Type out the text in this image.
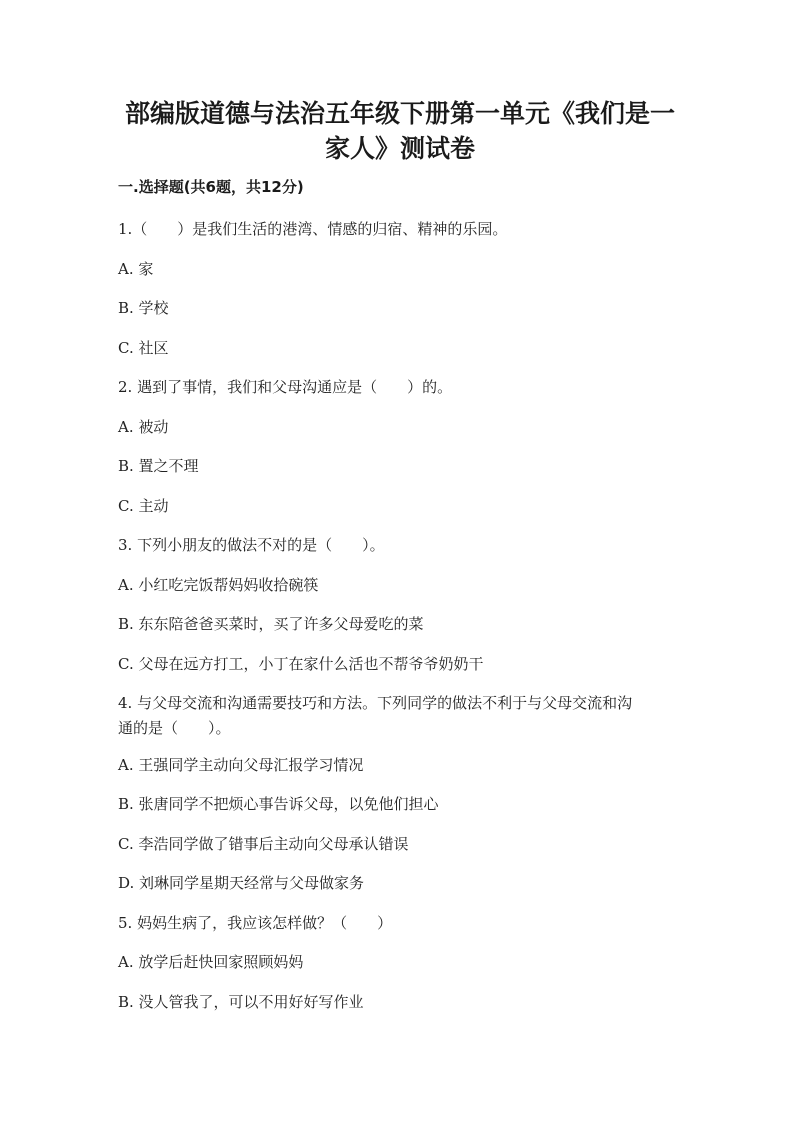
部编版道德与法治五年级下册第一单元《我们是一
家人》测试卷
一.选择题(共6题，共12分)

1.（　　）是我们生活的港湾、情感的归宿、精神的乐园。

A. 家

B. 学校

C. 社区

2. 遇到了事情，我们和父母沟通应是（　　）的。

A. 被动

B. 置之不理

C. 主动

3. 下列小朋友的做法不对的是（　　）。

A. 小红吃完饭帮妈妈收拾碗筷

B. 东东陪爸爸买菜时，买了许多父母爱吃的菜

C. 父母在远方打工，小丁在家什么活也不帮爷爷奶奶干

4. 与父母交流和沟通需要技巧和方法。下列同学的做法不利于与父母交流和沟

通的是（　　）。

A. 王强同学主动向父母汇报学习情况

B. 张唐同学不把烦心事告诉父母，以免他们担心

C. 李浩同学做了错事后主动向父母承认错误

D. 刘琳同学星期天经常与父母做家务

5. 妈妈生病了，我应该怎样做？（　　）

A. 放学后赶快回家照顾妈妈

B. 没人管我了，可以不用好好写作业
